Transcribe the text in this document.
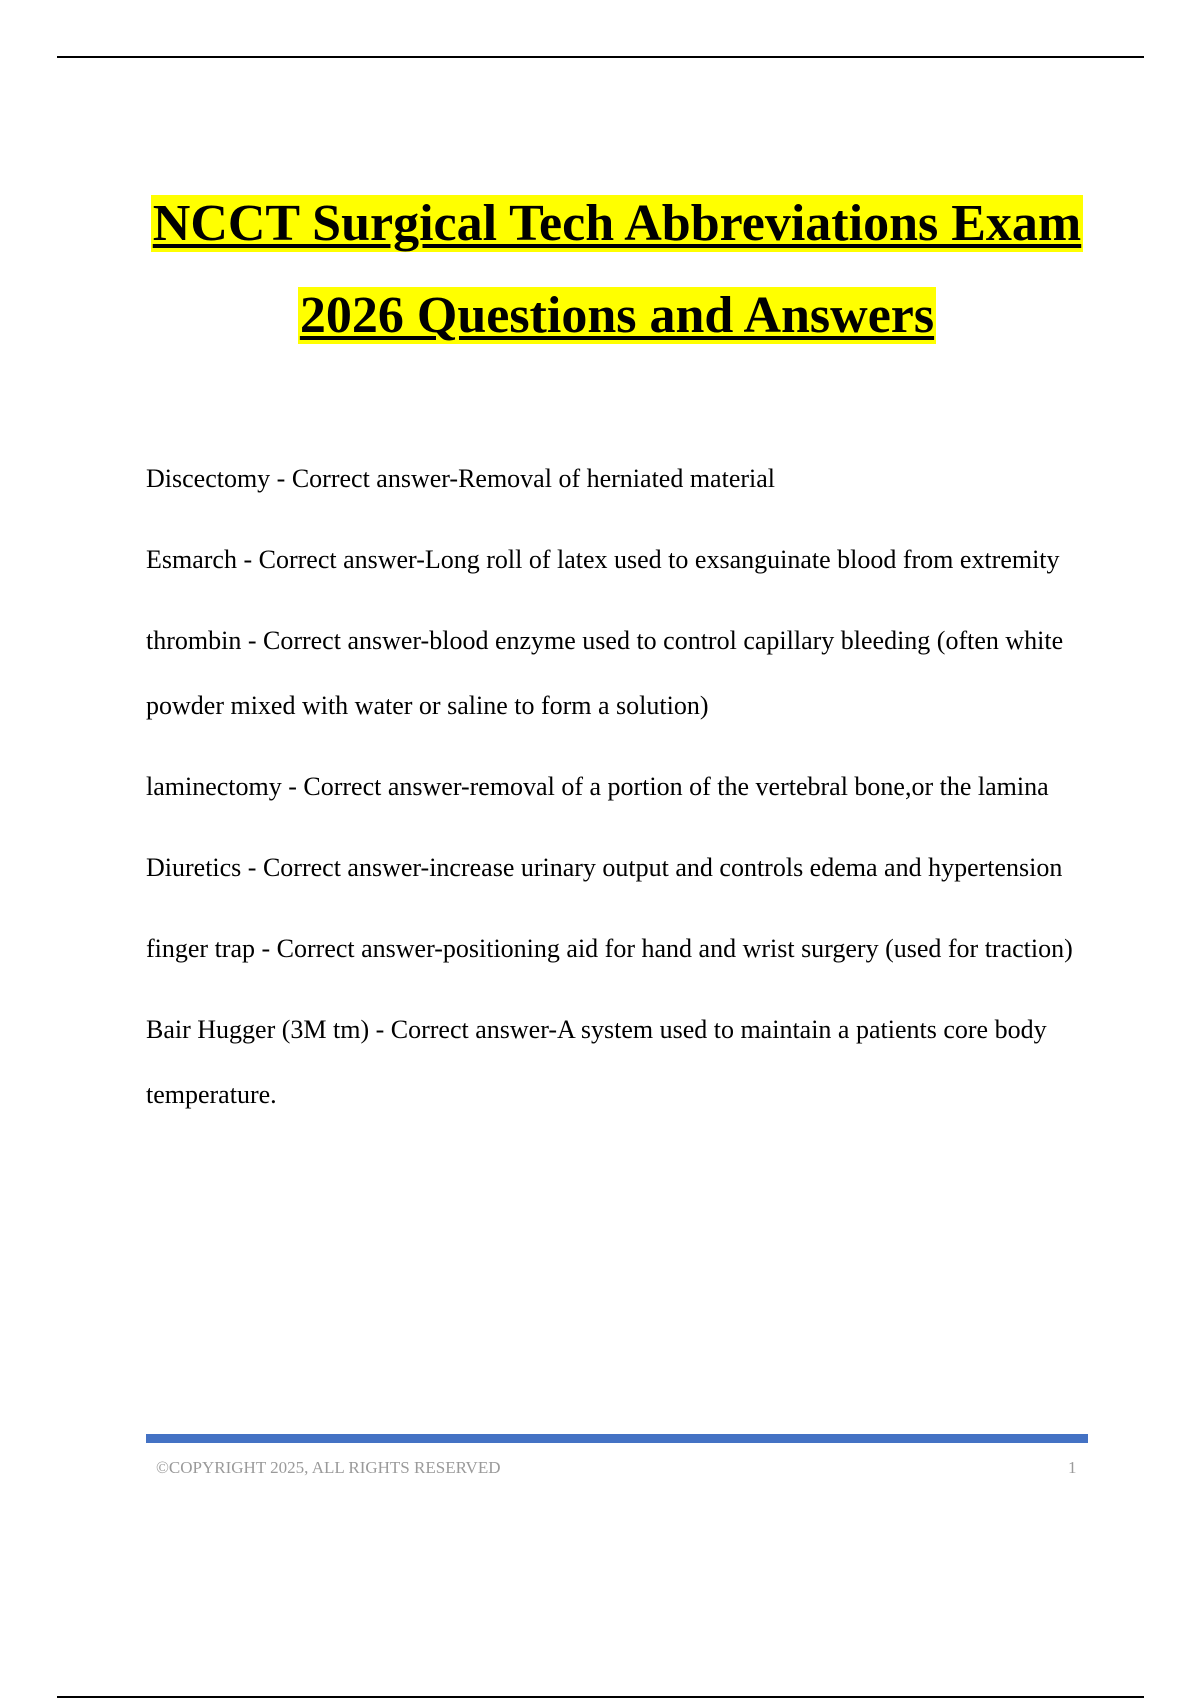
NCCT Surgical Tech Abbreviations Exam
2026 Questions and Answers

Discectomy - Correct answer-Removal of herniated material

Esmarch - Correct answer-Long roll of latex used to exsanguinate blood from extremity

thrombin - Correct answer-blood enzyme used to control capillary bleeding (often white powder mixed with water or saline to form a solution)

laminectomy - Correct answer-removal of a portion of the vertebral bone,or the lamina

Diuretics - Correct answer-increase urinary output and controls edema and hypertension

finger trap - Correct answer-positioning aid for hand and wrist surgery (used for traction)

Bair Hugger (3M tm) - Correct answer-A system used to maintain a patients core body temperature.

©COPYRIGHT 2025, ALL RIGHTS RESERVED	1
